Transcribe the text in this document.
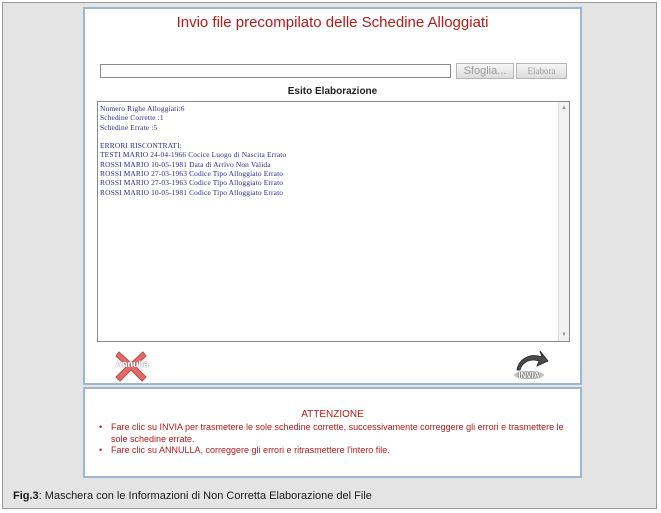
Invio file precompilato delle Schedine Alloggiati
Sfoglia...	Elabora
Esito Elaborazione
Numero Righe Alloggiati:6
Schedine Corrette :1
Schedine Errate :5
ERRORI RISCONTRATI:
TESTI MARIO 24-04-1966 Cocice Luogo di Nascita Errato
ROSSI MARIO 10-05-1981 Data di Arrivo Non Valida
ROSSI MARIO 27-03-1963 Codice Tipo Alloggiato Errato
ROSSI MARIO 27-03-1963 Codice Tipo Alloggiato Errato
ROSSI MARIO 10-05-1981 Codice Tipo Alloggiato Errato
▲
▼
Annulla
INVIA
ATTENZIONE
• Fare clic su INVIA per trasmetere le sole schedine corrette, successivamente correggere gli errori e trasmettere le sole schedine errate.
• Fare clic su ANNULLA, correggere gli errori e ritrasmettere l'intero file.
Fig.3: Maschera con le Informazioni di Non Corretta Elaborazione del File
